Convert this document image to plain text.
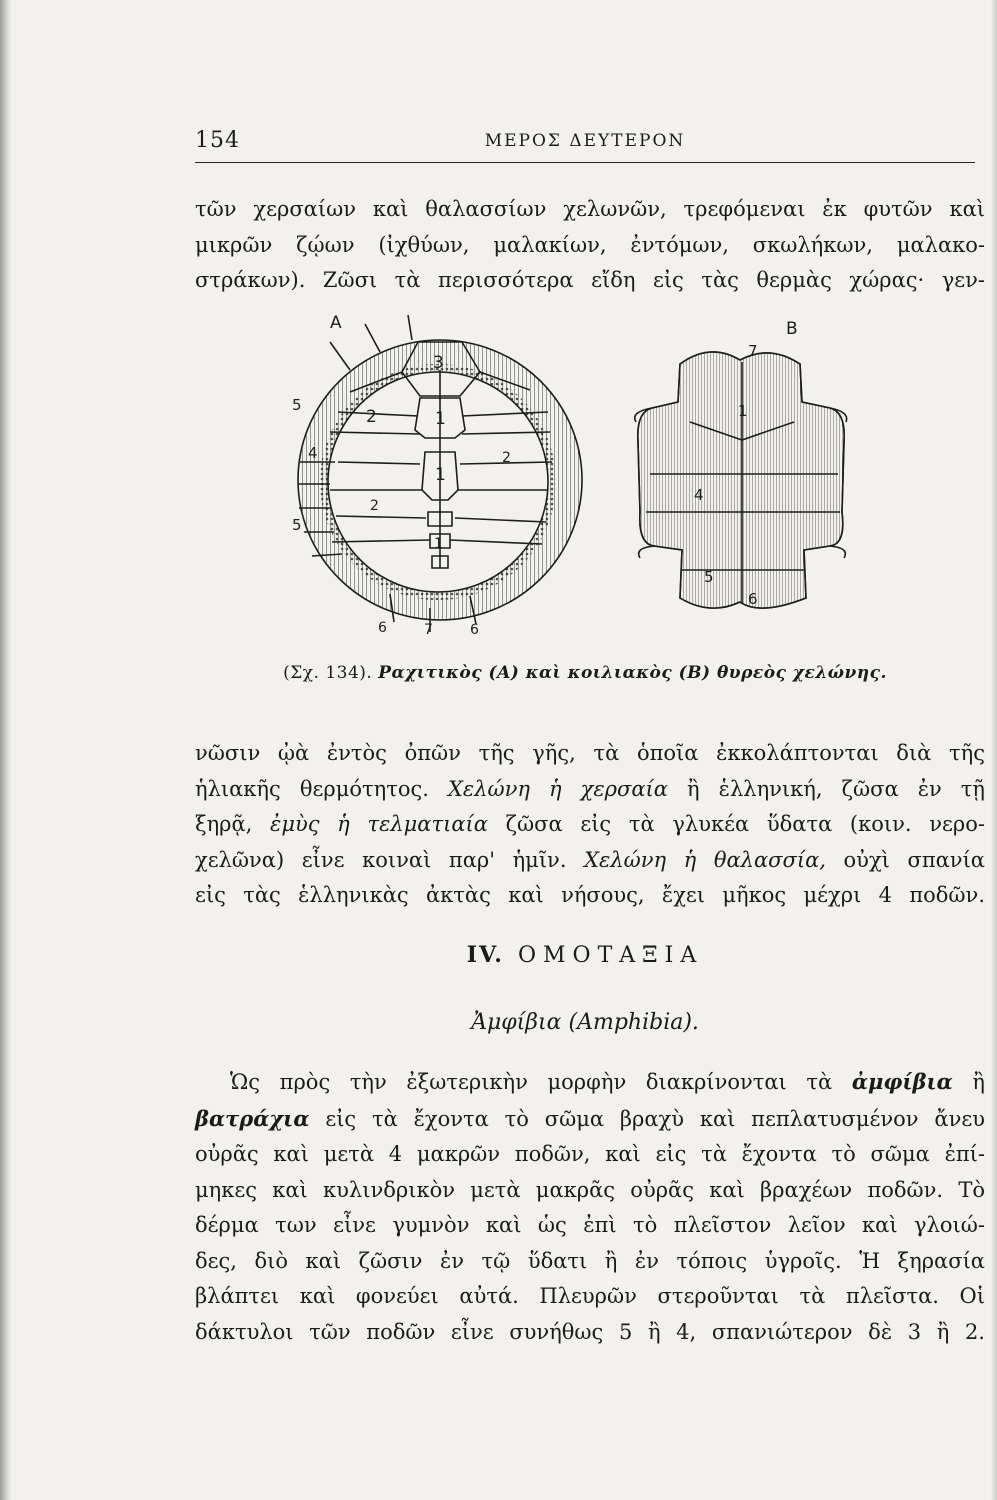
154	ΜΕΡΟΣ ΔΕΥΤΕΡΟΝ

τῶν χερσαίων καὶ θαλασσίων χελωνῶν, τρεφόμεναι ἐκ φυτῶν καὶ
μικρῶν ζῴων (ἰχθύων, μαλακίων, ἐντόμων, σκωλήκων, μαλακο-
στράκων). Ζῶσι τὰ περισσότερα εἴδη εἰς τὰς θερμὰς χώρας· γεν-

A
3
2	1
1
2
1
2
5
4
5
6	7	6
B
7
1
4
5
6
(Σχ. 134). Ραχιτικὸς (Α) καὶ κοιλιακὸς (Β) θυρεὸς χελώνης.

νῶσιν ᾠὰ ἐντὸς ὀπῶν τῆς γῆς, τὰ ὁποῖα ἐκκολάπτονται διὰ τῆς
ἡλιακῆς θερμότητος. Χελώνη ἡ χερσαία ἢ ἑλληνική, ζῶσα ἐν τῇ
ξηρᾷ, ἐμὺς ἡ τελματιαία ζῶσα εἰς τὰ γλυκέα ὕδατα (κοιν. νερο-
χελῶνα) εἶνε κοιναὶ παρ' ἡμῖν. Χελώνη ἡ θαλασσία, οὐχὶ σπανία
εἰς τὰς ἑλληνικὰς ἀκτὰς καὶ νήσους, ἔχει μῆκος μέχρι 4 ποδῶν.

IV. ΟΜΟΤΑΞΙΑ
Ἀμφίβια (Amphibia).

Ὡς πρὸς τὴν ἐξωτερικὴν μορφὴν διακρίνονται τὰ ἀμφίβια ἢ
βατράχια εἰς τὰ ἔχοντα τὸ σῶμα βραχὺ καὶ πεπλατυσμένον ἄνευ
οὐρᾶς καὶ μετὰ 4 μακρῶν ποδῶν, καὶ εἰς τὰ ἔχοντα τὸ σῶμα ἐπί-
μηκες καὶ κυλινδρικὸν μετὰ μακρᾶς οὐρᾶς καὶ βραχέων ποδῶν. Τὸ
δέρμα των εἶνε γυμνὸν καὶ ὡς ἐπὶ τὸ πλεῖστον λεῖον καὶ γλοιώ-
δες, διὸ καὶ ζῶσιν ἐν τῷ ὕδατι ἢ ἐν τόποις ὑγροῖς. Ἡ ξηρασία
βλάπτει καὶ φονεύει αὐτά. Πλευρῶν στεροῦνται τὰ πλεῖστα. Οἱ
δάκτυλοι τῶν ποδῶν εἶνε συνήθως 5 ἢ 4, σπανιώτερον δὲ 3 ἢ 2.
